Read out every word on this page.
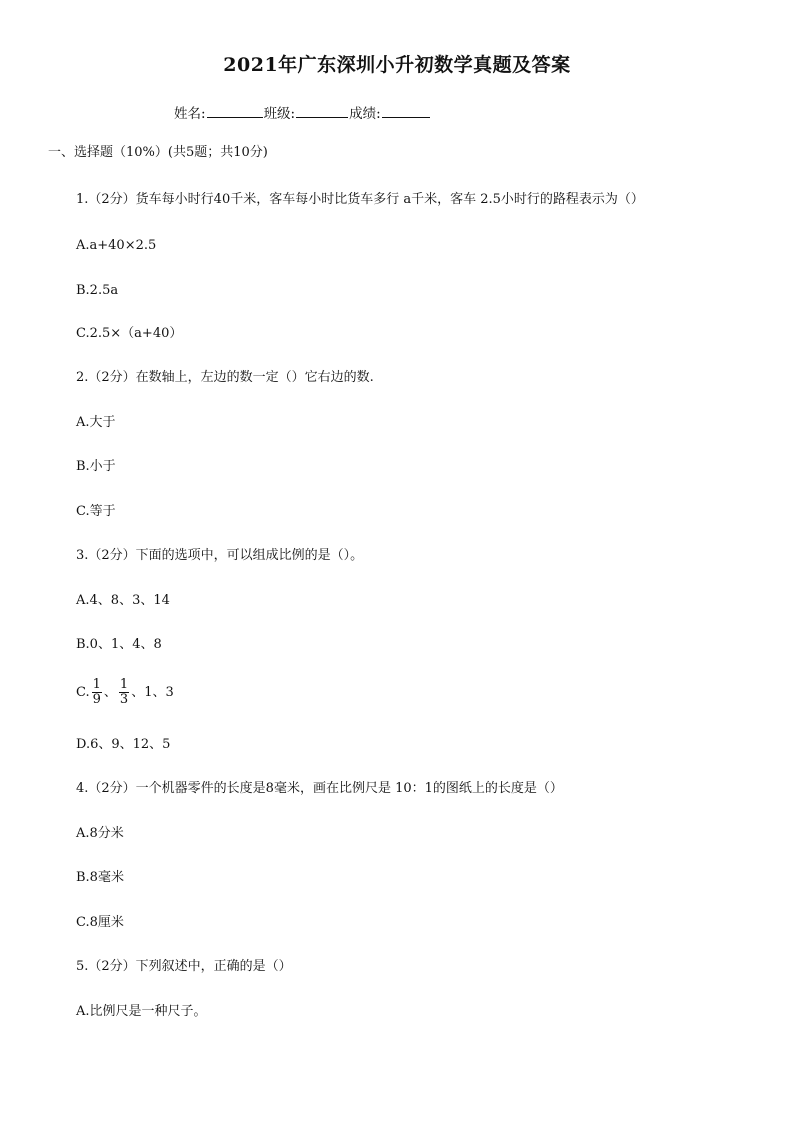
2021年广东深圳小升初数学真题及答案
姓名:	班级:	成绩:
一、选择题（10%）(共5题；共10分)
1.（2分）货车每小时行40千米，客车每小时比货车多行 a千米，客车 2.5小时行的路程表示为（）
A.a+40×2.5
B.2.5a
C.2.5×（a+40）
2.（2分）在数轴上，左边的数一定（）它右边的数.
A.大于
B.小于
C.等于
3.（2分）下面的选项中，可以组成比例的是（）。
A.4、8、3、14
B.0、1、4、8
C. $\frac{1}{9}$ 、 $\frac{1}{3}$ 、1、3
D.6、9、12、5
4.（2分）一个机器零件的长度是8毫米，画在比例尺是 10：1的图纸上的长度是（）
A.8分米
B.8毫米
C.8厘米
5.（2分）下列叙述中，正确的是（）
A.比例尺是一种尺子。
